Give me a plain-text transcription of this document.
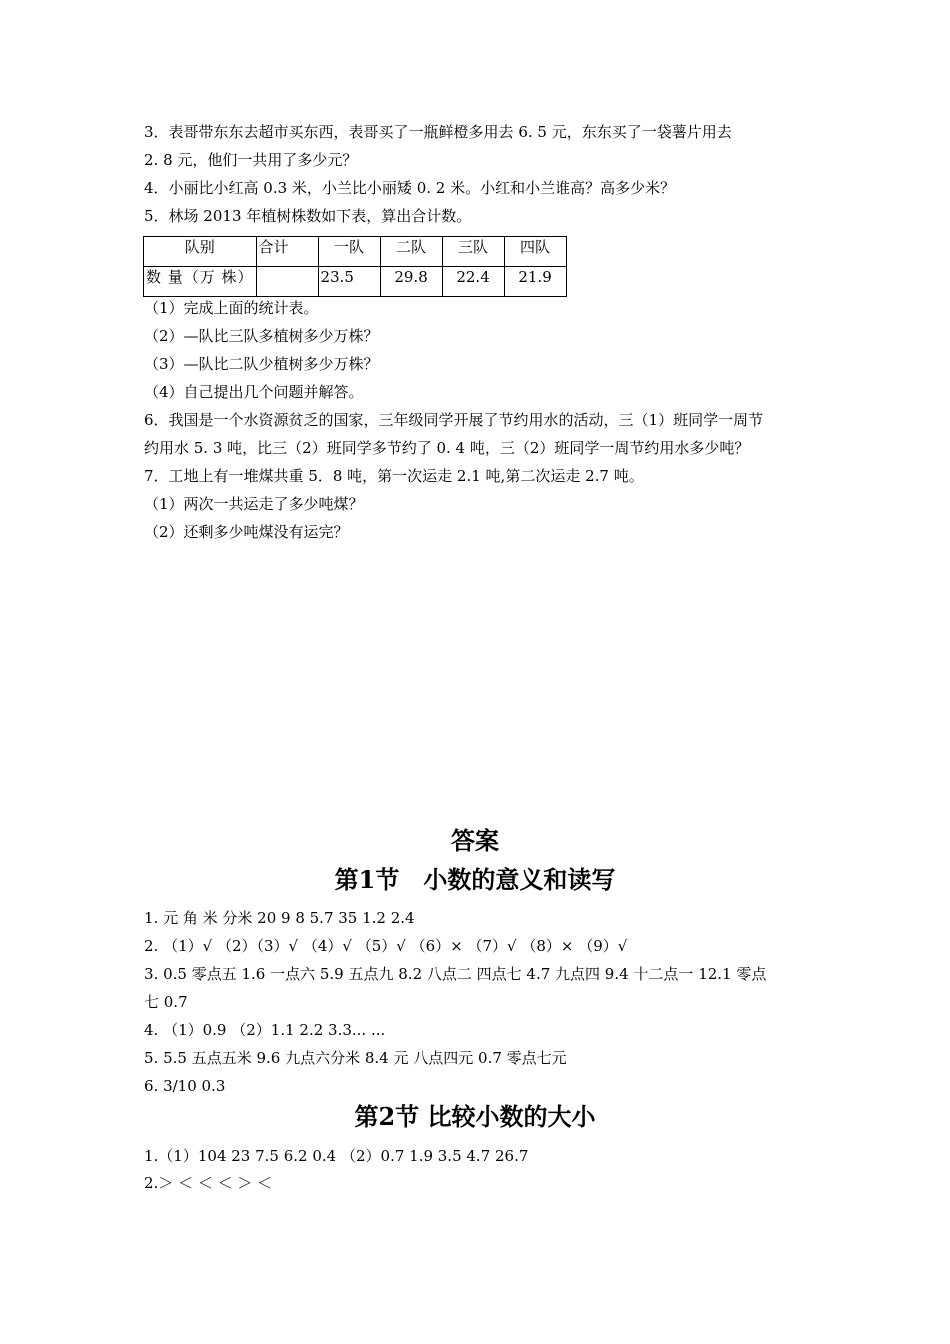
3．表哥带东东去超市买东西，表哥买了一瓶鲜橙多用去 6. 5 元，东东买了一袋薯片用去
2. 8 元，他们一共用了多少元？
4．小丽比小红高 0.3 米，小兰比小丽矮 0. 2 米。小红和小兰谁高？高多少米？
5．林场 2013 年植树株数如下表，算出合计数。
队别	合计	一队	二队	三队	四队

数 量（万 株）		23.5	29.8	22.4	21.9
（1）完成上面的统计表。
（2）—队比三队多植树多少万株？
（3）—队比二队少植树多少万株？
（4）自己提出几个问题并解答。
6．我国是一个水资源贫乏的国家，三年级同学开展了节约用水的活动，三（1）班同学一周节
约用水 5. 3 吨，比三（2）班同学多节约了 0. 4 吨，三（2）班同学一周节约用水多少吨？
7．工地上有一堆煤共重 5．8 吨，第一次运走 2.1 吨,第二次运走 2.7 吨。
（1）两次一共运走了多少吨煤？
（2）还剩多少吨煤没有运完？
答案
第1节　小数的意义和读写
1. 元 角 米 分米 20 9 8 5.7 35 1.2 2.4
2. （1）√ （2）（3）√ （4）√ （5）√ （6）× （7）√ （8）× （9）√
3. 0.5 零点五 1.6 一点六 5.9 五点九 8.2 八点二 四点七 4.7 九点四 9.4 十二点一 12.1 零点
七 0.7
4. （1）0.9 （2）1.1 2.2 3.3... ...
5. 5.5 五点五米 9.6 九点六分米 8.4 元 八点四元 0.7 零点七元
6. 3/10 0.3
第2节 比较小数的大小
1.（1）104 23 7.5 6.2 0.4 （2）0.7 1.9 3.5 4.7 26.7
2.＞ ＜ ＜ ＜ ＞ ＜
